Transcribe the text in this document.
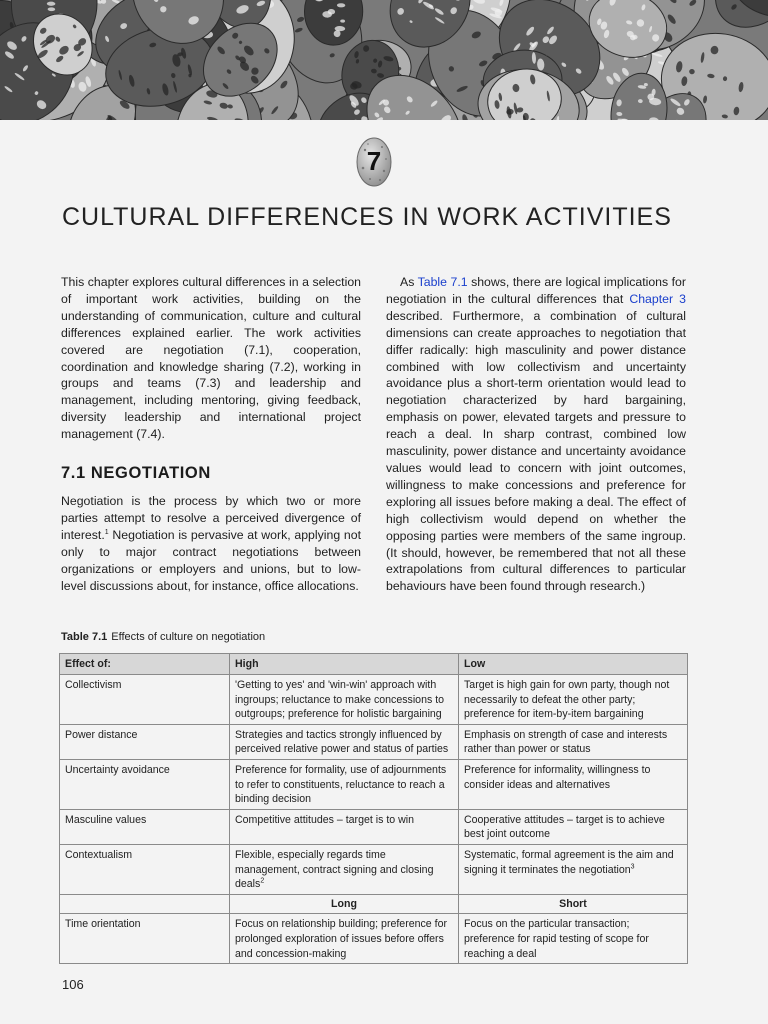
7
CULTURAL DIFFERENCES IN WORK ACTIVITIES

This chapter explores cultural differences in a selection of important work activities, building on the understanding of communication, culture and cultural differences explained earlier. The work activities covered are negotiation (7.1), cooperation, coordination and knowledge sharing (7.2), working in groups and teams (7.3) and leadership and management, including mentoring, giving feedback, diversity leadership and international project management (7.4).

7.1 NEGOTIATION

Negotiation is the process by which two or more parties attempt to resolve a perceived divergence of interest.$^1$ Negotiation is pervasive at work, applying not only to major contract negotiations between organizations or employers and unions, but to low-level discussions about, for instance, office allocations.

As Table 7.1 shows, there are logical implications for negotiation in the cultural differences that Chapter 3 described. Furthermore, a combination of cultural dimensions can create approaches to negotiation that differ radically: high masculinity and power distance combined with low collectivism and uncertainty avoidance plus a short-term orientation would lead to negotiation characterized by hard bargaining, emphasis on power, elevated targets and pressure to reach a deal. In sharp contrast, combined low masculinity, power distance and uncertainty avoidance values would lead to concern with joint outcomes, willingness to make concessions and preference for exploring all issues before making a deal. The effect of high collectivism would depend on whether the opposing parties were members of the same ingroup. (It should, however, be remembered that not all these extrapolations from cultural differences to particular behaviours have been found through research.)

Table 7.1 Effects of culture on negotiation
Effect of:	High	Low
Collectivism	'Getting to yes' and 'win-win' approach with ingroups; reluctance to make concessions to outgroups; preference for holistic bargaining	Target is high gain for own party, though not necessarily to defeat the other party; preference for item-by-item bargaining
Power distance	Strategies and tactics strongly influenced by perceived relative power and status of parties	Emphasis on strength of case and interests rather than power or status
Uncertainty avoidance	Preference for formality, use of adjournments to refer to constituents, reluctance to reach a binding decision	Preference for informality, willingness to consider ideas and alternatives
Masculine values	Competitive attitudes – target is to win	Cooperative attitudes – target is to achieve best joint outcome
Contextualism	Flexible, especially regards time management, contract signing and closing deals$^2$	Systematic, formal agreement is the aim and signing it terminates the negotiation$^3$
	Long	Short
Time orientation	Focus on relationship building; preference for prolonged exploration of issues before offers and concession-making	Focus on the particular transaction; preference for rapid testing of scope for reaching a deal
106
